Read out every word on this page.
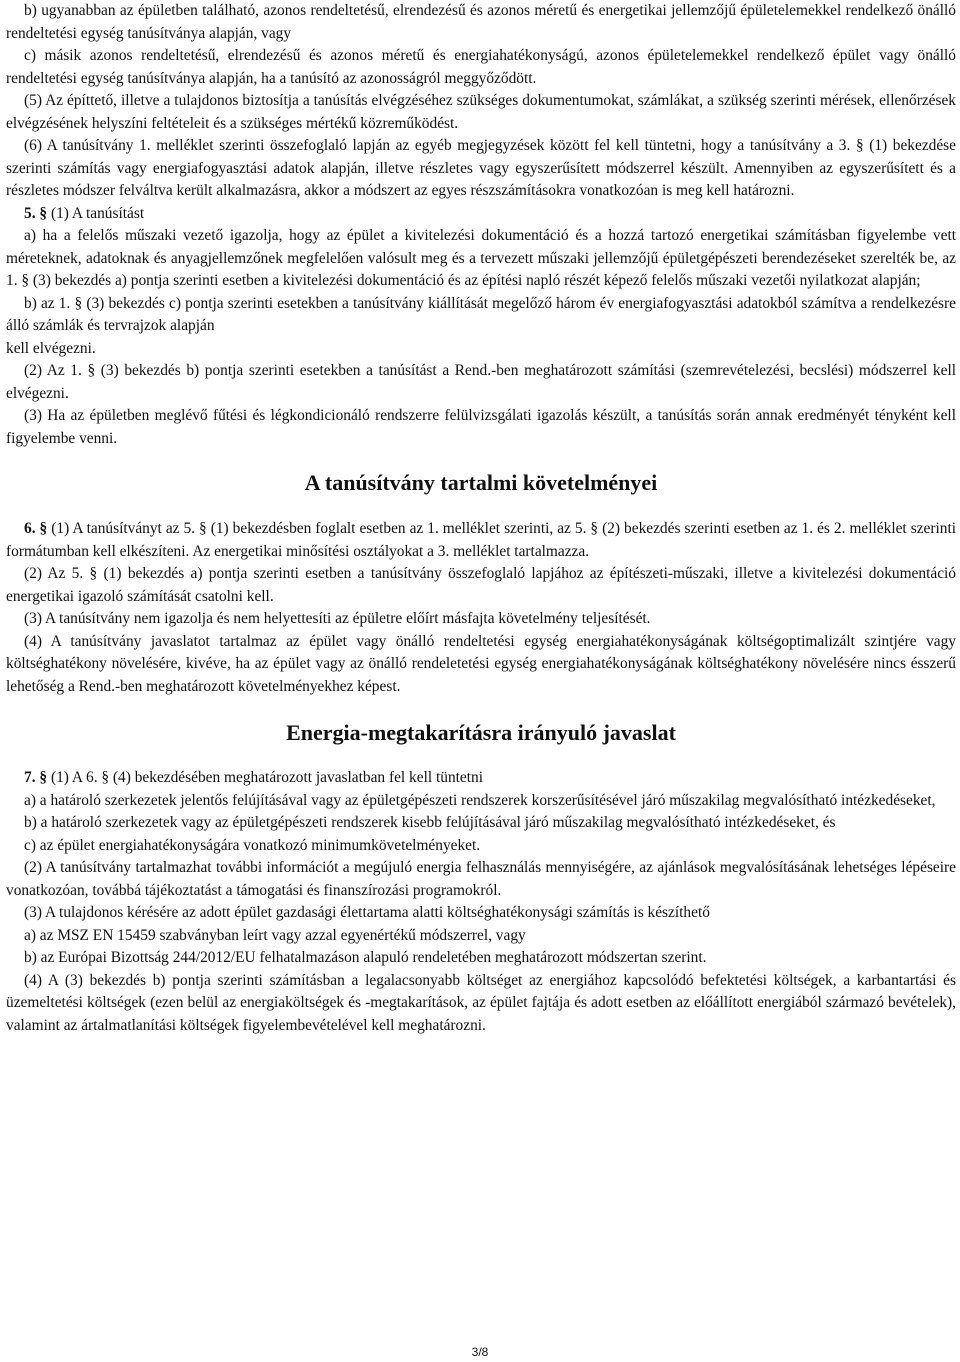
b) ugyanabban az épületben található, azonos rendeltetésű, elrendezésű és azonos méretű és energetikai jellemzőjű épületelemekkel rendelkező önálló rendeltetési egység tanúsítványa alapján, vagy

c) másik azonos rendeltetésű, elrendezésű és azonos méretű és energiahatékonyságú, azonos épületelemekkel rendelkező épület vagy önálló rendeltetési egység tanúsítványa alapján, ha a tanúsító az azonosságról meggyőződött.

(5) Az építtető, illetve a tulajdonos biztosítja a tanúsítás elvégzéséhez szükséges dokumentumokat, számlákat, a szükség szerinti mérések, ellenőrzések elvégzésének helyszíni feltételeit és a szükséges mértékű közreműködést.

(6) A tanúsítvány 1. melléklet szerinti összefoglaló lapján az egyéb megjegyzések között fel kell tüntetni, hogy a tanúsítvány a 3. § (1) bekezdése szerinti számítás vagy energiafogyasztási adatok alapján, illetve részletes vagy egyszerűsített módszerrel készült. Amennyiben az egyszerűsített és a részletes módszer felváltva került alkalmazásra, akkor a módszert az egyes részszámításokra vonatkozóan is meg kell határozni.

5. § (1) A tanúsítást

a) ha a felelős műszaki vezető igazolja, hogy az épület a kivitelezési dokumentáció és a hozzá tartozó energetikai számításban figyelembe vett méreteknek, adatoknak és anyagjellemzőnek megfelelően valósult meg és a tervezett műszaki jellemzőjű épületgépészeti berendezéseket szerelték be, az 1. § (3) bekezdés a) pontja szerinti esetben a kivitelezési dokumentáció és az építési napló részét képező felelős műszaki vezetői nyilatkozat alapján;

b) az 1. § (3) bekezdés c) pontja szerinti esetekben a tanúsítvány kiállítását megelőző három év energiafogyasztási adatokból számítva a rendelkezésre álló számlák és tervrajzok alapján

kell elvégezni.

(2) Az 1. § (3) bekezdés b) pontja szerinti esetekben a tanúsítást a Rend.-ben meghatározott számítási (szemrevételezési, becslési) módszerrel kell elvégezni.

(3) Ha az épületben meglévő fűtési és légkondicionáló rendszerre felülvizsgálati igazolás készült, a tanúsítás során annak eredményét tényként kell figyelembe venni.

A tanúsítvány tartalmi követelményei

6. § (1) A tanúsítványt az 5. § (1) bekezdésben foglalt esetben az 1. melléklet szerinti, az 5. § (2) bekezdés szerinti esetben az 1. és 2. melléklet szerinti formátumban kell elkészíteni. Az energetikai minősítési osztályokat a 3. melléklet tartalmazza.

(2) Az 5. § (1) bekezdés a) pontja szerinti esetben a tanúsítvány összefoglaló lapjához az építészeti-műszaki, illetve a kivitelezési dokumentáció energetikai igazoló számítását csatolni kell.

(3) A tanúsítvány nem igazolja és nem helyettesíti az épületre előírt másfajta követelmény teljesítését.

(4) A tanúsítvány javaslatot tartalmaz az épület vagy önálló rendeltetési egység energiahatékonyságának költségoptimalizált szintjére vagy költséghatékony növelésére, kivéve, ha az épület vagy az önálló rendeletetési egység energiahatékonyságának költséghatékony növelésére nincs ésszerű lehetőség a Rend.-ben meghatározott követelményekhez képest.

Energia-megtakarításra irányuló javaslat

7. § (1) A 6. § (4) bekezdésében meghatározott javaslatban fel kell tüntetni

a) a határoló szerkezetek jelentős felújításával vagy az épületgépészeti rendszerek korszerűsítésével járó műszakilag megvalósítható intézkedéseket,

b) a határoló szerkezetek vagy az épületgépészeti rendszerek kisebb felújításával járó műszakilag megvalósítható intézkedéseket, és

c) az épület energiahatékonyságára vonatkozó minimumkövetelményeket.

(2) A tanúsítvány tartalmazhat további információt a megújuló energia felhasználás mennyiségére, az ajánlások megvalósításának lehetséges lépéseire vonatkozóan, továbbá tájékoztatást a támogatási és finanszírozási programokról.

(3) A tulajdonos kérésére az adott épület gazdasági élettartama alatti költséghatékonysági számítás is készíthető

a) az MSZ EN 15459 szabványban leírt vagy azzal egyenértékű módszerrel, vagy

b) az Európai Bizottság 244/2012/EU felhatalmazáson alapuló rendeletében meghatározott módszertan szerint.

(4) A (3) bekezdés b) pontja szerinti számításban a legalacsonyabb költséget az energiához kapcsolódó befektetési költségek, a karbantartási és üzemeltetési költségek (ezen belül az energiaköltségek és -megtakarítások, az épület fajtája és adott esetben az előállított energiából származó bevételek), valamint az ártalmatlanítási költségek figyelembevételével kell meghatározni.

3/8
